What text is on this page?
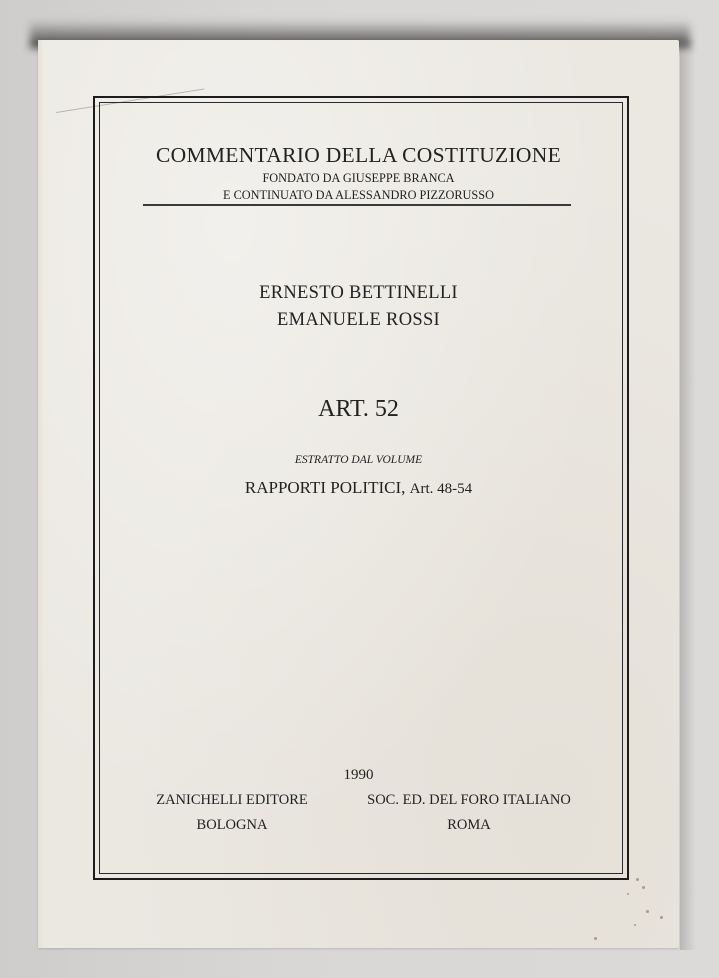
COMMENTARIO DELLA COSTITUZIONE
FONDATO DA GIUSEPPE BRANCA
E CONTINUATO DA ALESSANDRO PIZZORUSSO
ERNESTO BETTINELLI
EMANUELE ROSSI
ART. 52
ESTRATTO DAL VOLUME
RAPPORTI POLITICI, Art. 48-54
1990
ZANICHELLI EDITORE	SOC. ED. DEL FORO ITALIANO
BOLOGNA	ROMA
